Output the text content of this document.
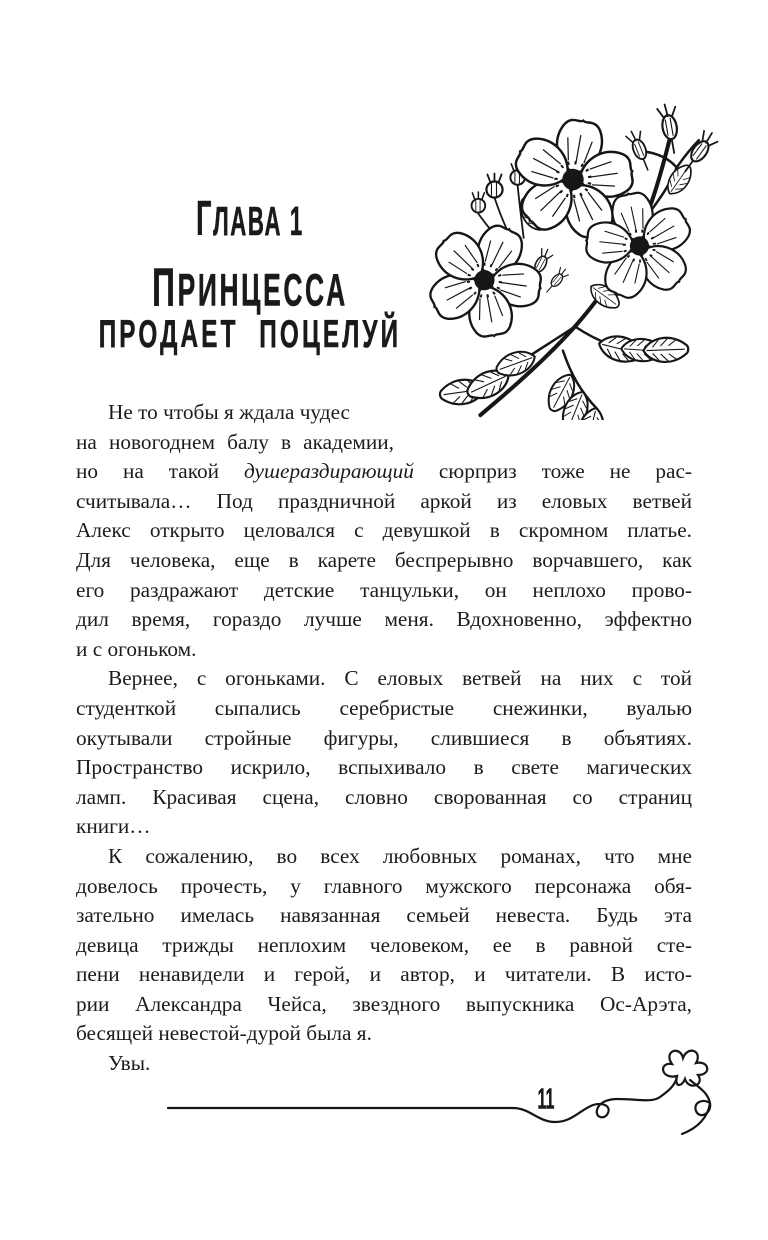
ГЛАВА 1
ПРИНЦЕССА
ПРОДАЕТ ПОЦЕЛУЙ
Не то чтобы я ждала чудес
на новогоднем балу в академии,
но на такой душераздирающий сюрприз тоже не рас-
считывала… Под праздничной аркой из еловых ветвей
Алекс открыто целовался с девушкой в скромном платье.
Для человека, еще в карете беспрерывно ворчавшего, как
его раздражают детские танцульки, он неплохо прово-
дил время, гораздо лучше меня. Вдохновенно, эффектно
и с огоньком.
Вернее, с огоньками. С еловых ветвей на них с той
студенткой сыпались серебристые снежинки, вуалью
окутывали стройные фигуры, слившиеся в объятиях.
Пространство искрило, вспыхивало в свете магических
ламп. Красивая сцена, словно сворованная со страниц
книги…
К сожалению, во всех любовных романах, что мне
довелось прочесть, у главного мужского персонажа обя-
зательно имелась навязанная семьей невеста. Будь эта
девица трижды неплохим человеком, ее в равной сте-
пени ненавидели и герой, и автор, и читатели. В исто-
рии Александра Чейса, звездного выпускника Ос-Арэта,
бесящей невестой-дурой была я.
Увы.
11
